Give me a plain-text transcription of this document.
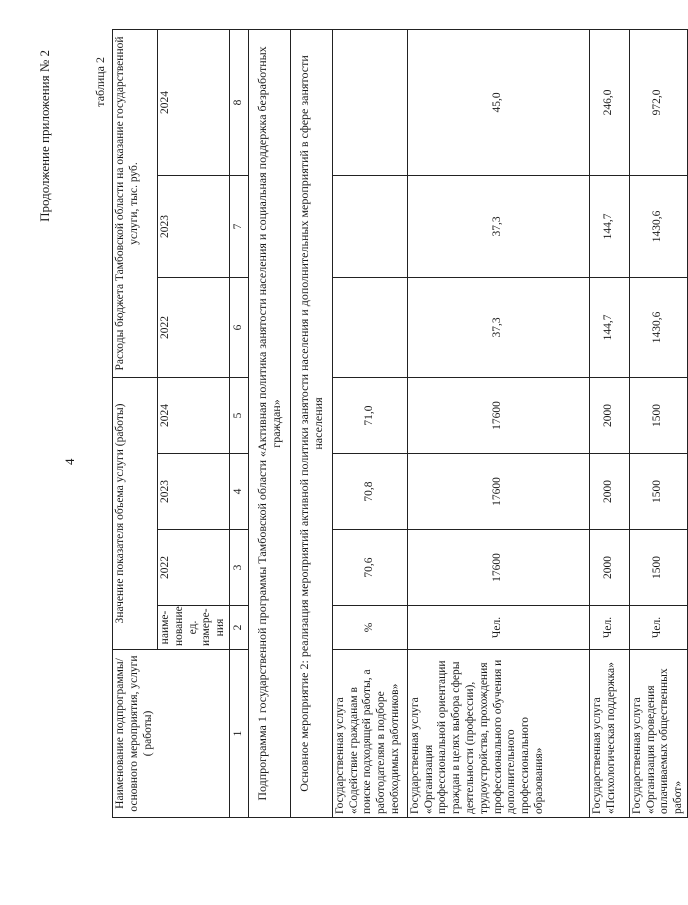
4
Продолжение приложения № 2	таблица 2
Наименование подпрограммы/ основного мероприятия, услуги ( работы)	Значение показателя объема услуги (работы)				Расходы бюджета Тамбовской области на оказание государственной услуги, тыс. руб.		
	наиме-нование ед. измере-ния	2022	2023	2024	2022	2023	2024
1	2	3	4	5	6	7	8
Подпрограмма 1 государственной программы Тамбовской области «Активная политика занятости населения и социальная поддержка безработных граждан»							
Основное мероприятие 2: реализация мероприятий активной политики занятости населения и дополнительных мероприятий в сфере занятости населения							
Государственная услуга «Содействие гражданам в поиске подходящей работы, а работодателям в подборе необходимых работников»	%	70,6	70,8	71,0			
Государственная услуга «Организация профессиональной ориентации граждан в целях выбора сферы деятельности (профессии), трудоустройства, прохождения профессионального обучения и дополнительного профессионального образования»	Чел.	17600	17600	17600	37,3	37,3	45,0
Государственная услуга «Психологическая поддержка»	Чел.	2000	2000	2000	144,7	144,7	246,0
Государственная услуга «Организация проведения оплачиваемых общественных работ»	Чел.	1500	1500	1500	1430,6	1430,6	972,0
